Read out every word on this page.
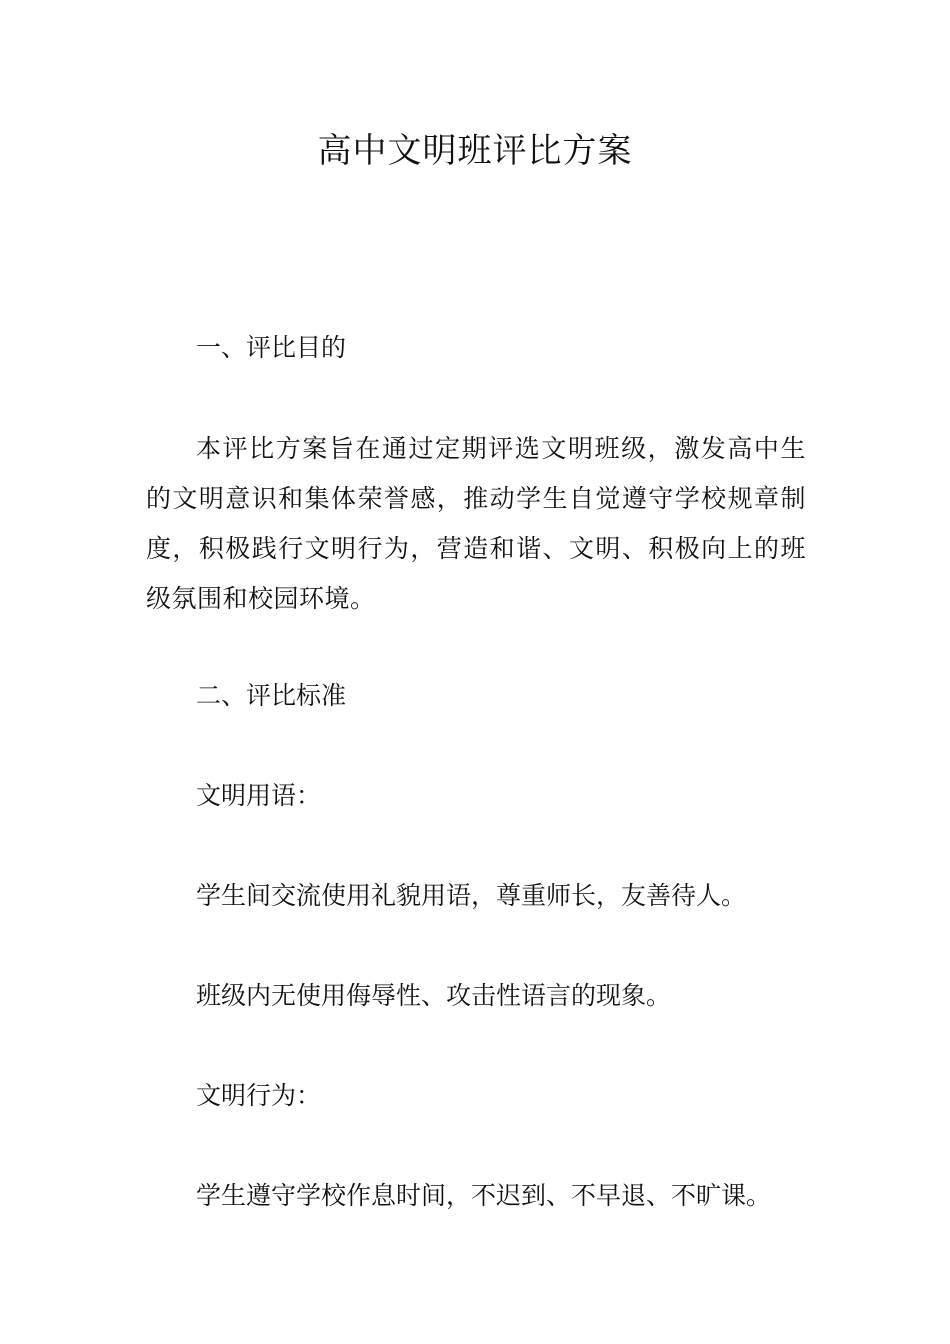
高中文明班评比方案

一、评比目的

本评比方案旨在通过定期评选文明班级，激发高中生的文明意识和集体荣誉感，推动学生自觉遵守学校规章制度，积极践行文明行为，营造和谐、文明、积极向上的班级氛围和校园环境。

二、评比标准

文明用语：

学生间交流使用礼貌用语，尊重师长，友善待人。

班级内无使用侮辱性、攻击性语言的现象。

文明行为：

学生遵守学校作息时间，不迟到、不早退、不旷课。
